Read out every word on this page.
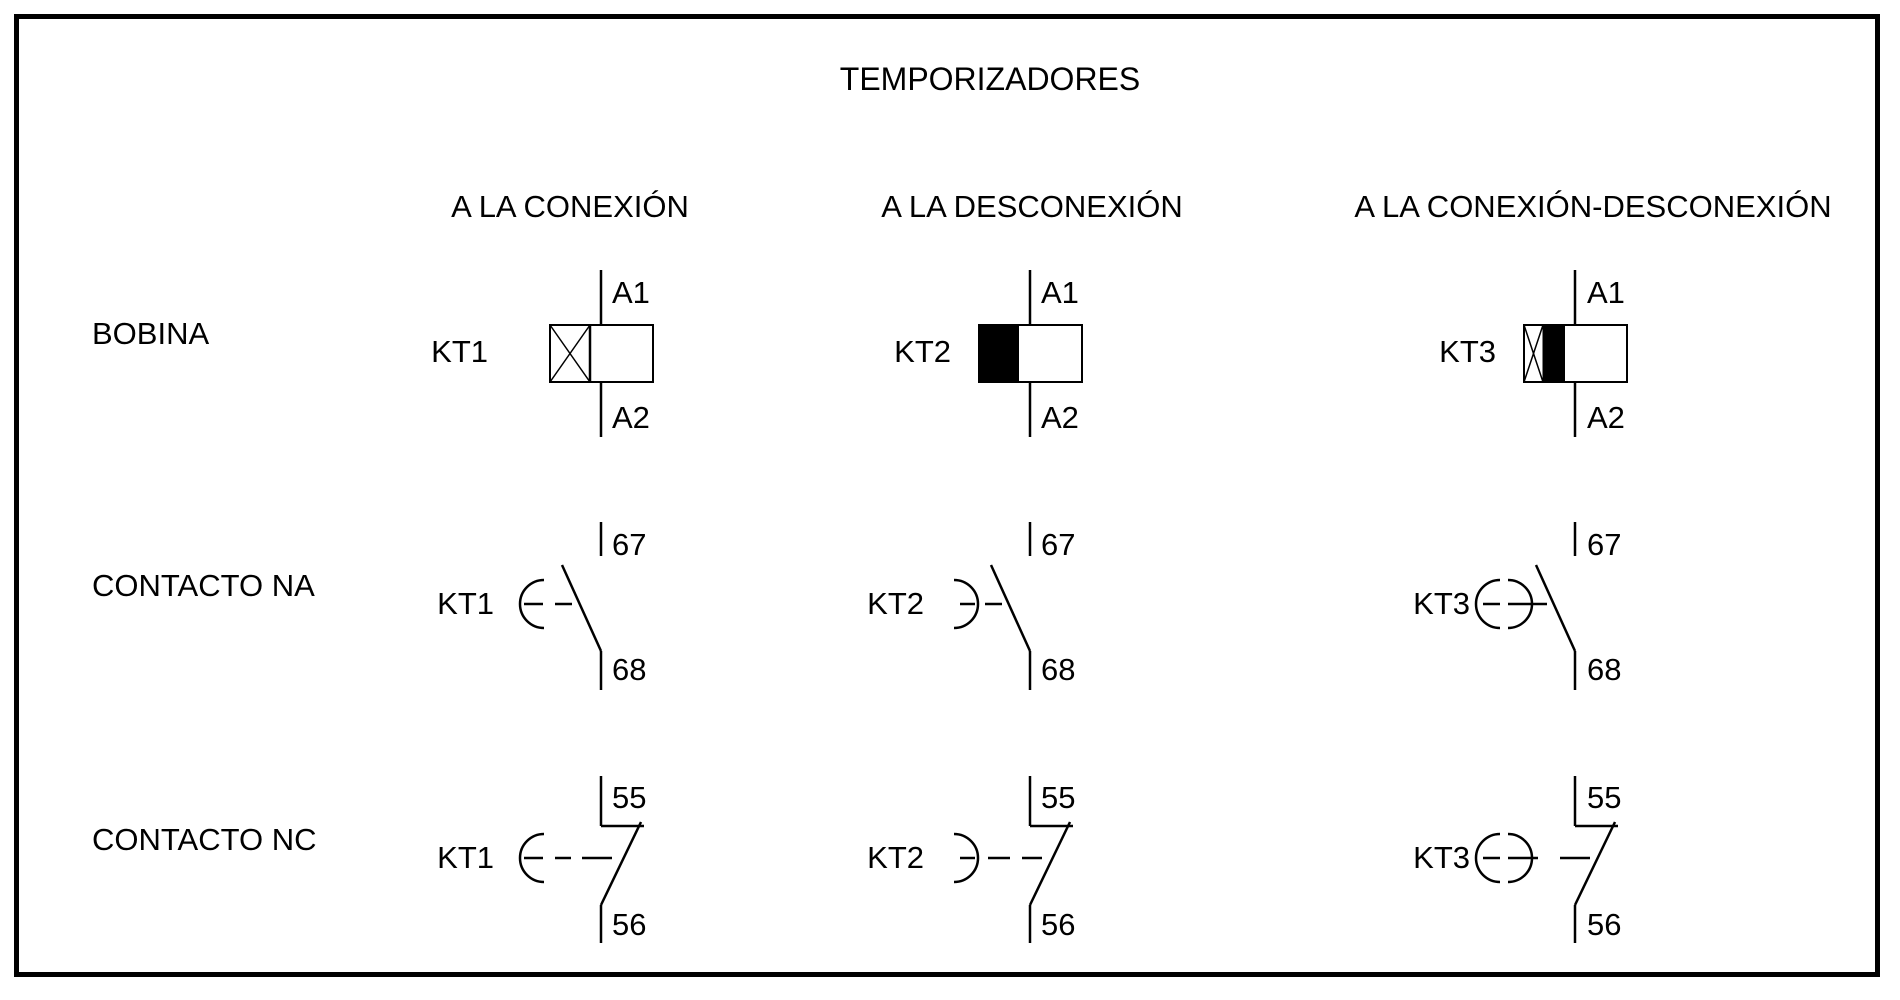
TEMPORIZADORES
A LA CONEXIÓN	A LA DESCONEXIÓN	A LA CONEXIÓN-DESCONEXIÓN
BOBINA
CONTACTO NA
CONTACTO NC
KT1
A1
A2
KT2
A1
A2
KT3
A1
A2
KT1
67
68
KT2
67
68
KT3
67
68
KT1
55
56
KT2
55
56
KT3
55
56
